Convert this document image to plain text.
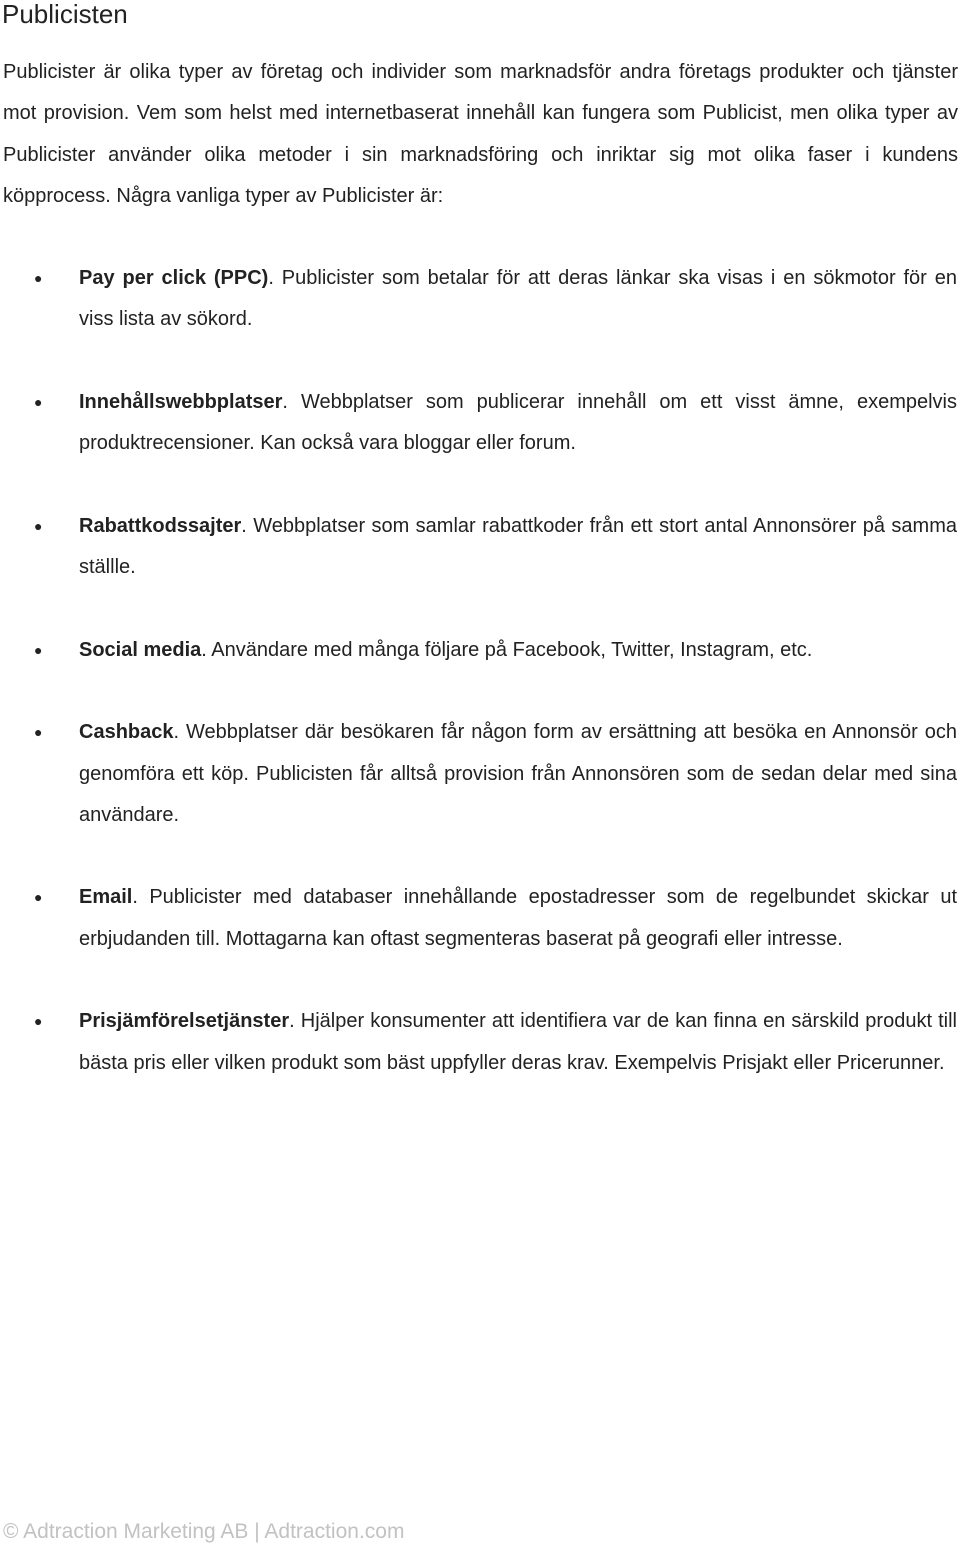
Publicisten

Publicister är olika typer av företag och individer som marknadsför andra företags produkter och tjänster mot provision. Vem som helst med internetbaserat innehåll kan fungera som Publicist, men olika typer av Publicister använder olika metoder i sin marknadsföring och inriktar sig mot olika faser i kundens köpprocess. Några vanliga typer av Publicister är:

● Pay per click (PPC). Publicister som betalar för att deras länkar ska visas i en sökmotor för en viss lista av sökord.
● Innehållswebbplatser. Webbplatser som publicerar innehåll om ett visst ämne, exempelvis produktrecensioner. Kan också vara bloggar eller forum.
● Rabattkodssajter. Webbplatser som samlar rabattkoder från ett stort antal Annonsörer på samma ställle.
● Social media. Användare med många följare på Facebook, Twitter, Instagram, etc.
● Cashback. Webbplatser där besökaren får någon form av ersättning att besöka en Annonsör och genomföra ett köp. Publicisten får alltså provision från Annonsören som de sedan delar med sina användare.
● Email. Publicister med databaser innehållande epostadresser som de regelbundet skickar ut erbjudanden till. Mottagarna kan oftast segmenteras baserat på geografi eller intresse.
● Prisjämförelsetjänster. Hjälper konsumenter att identifiera var de kan finna en särskild produkt till bästa pris eller vilken produkt som bäst uppfyller deras krav. Exempelvis Prisjakt eller Pricerunner.
© Adtraction Marketing AB | Adtraction.com
